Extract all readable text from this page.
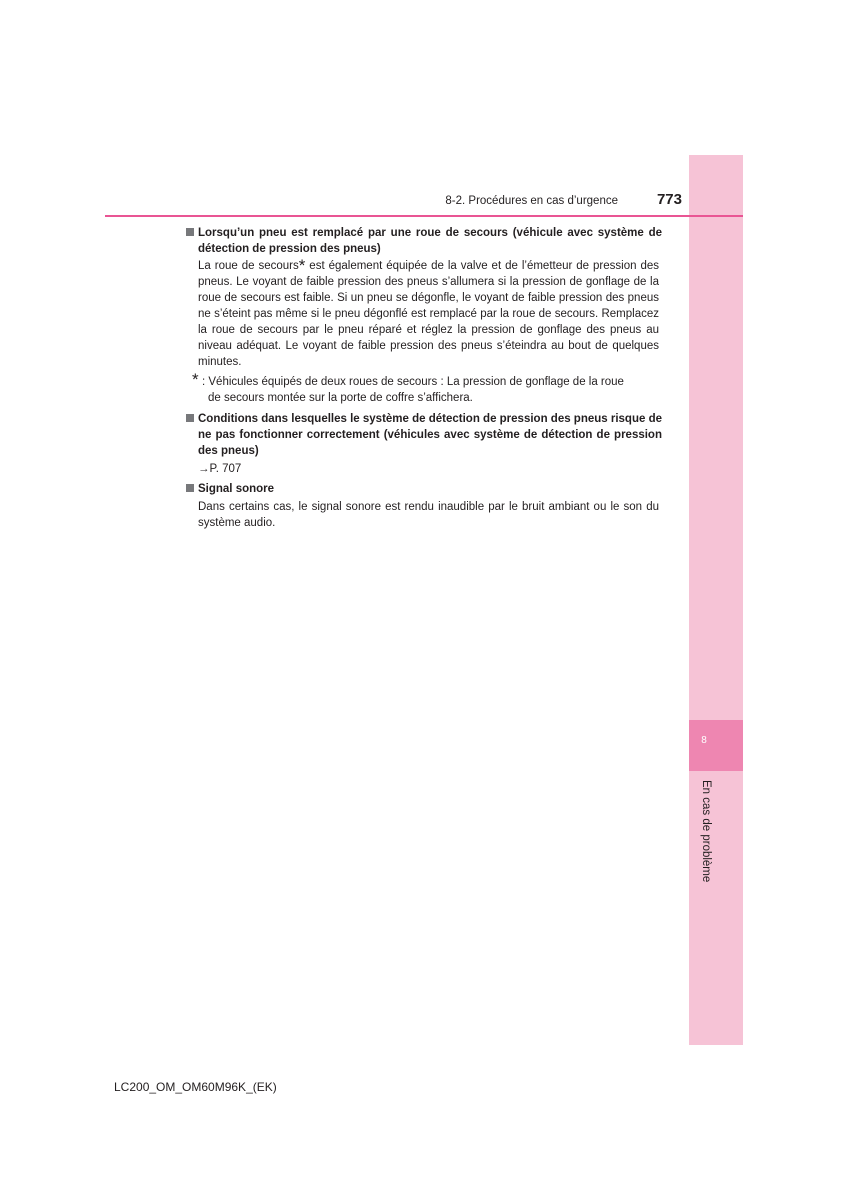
8
En cas de problème
8-2. Procédures en cas d’urgence	773
Lorsqu’un pneu est remplacé par une roue de secours (véhicule avec système de détection de pression des pneus)
La roue de secours* est également équipée de la valve et de l’émetteur de pression des pneus. Le voyant de faible pression des pneus s’allumera si la pression de gonflage de la roue de secours est faible. Si un pneu se dégonfle, le voyant de faible pression des pneus ne s’éteint pas même si le pneu dégonflé est remplacé par la roue de secours. Remplacez la roue de secours par le pneu réparé et réglez la pression de gonflage des pneus au niveau adéquat. Le voyant de faible pression des pneus s’éteindra au bout de quelques minutes.
* : Véhicules équipés de deux roues de secours : La pression de gonflage de la roue
de secours montée sur la porte de coffre s’affichera.
Conditions dans lesquelles le système de détection de pression des pneus risque de ne pas fonctionner correctement (véhicules avec système de détection de pression des pneus)
→P. 707
Signal sonore
Dans certains cas, le signal sonore est rendu inaudible par le bruit ambiant ou le son du système audio.
LC200_OM_OM60M96K_(EK)
